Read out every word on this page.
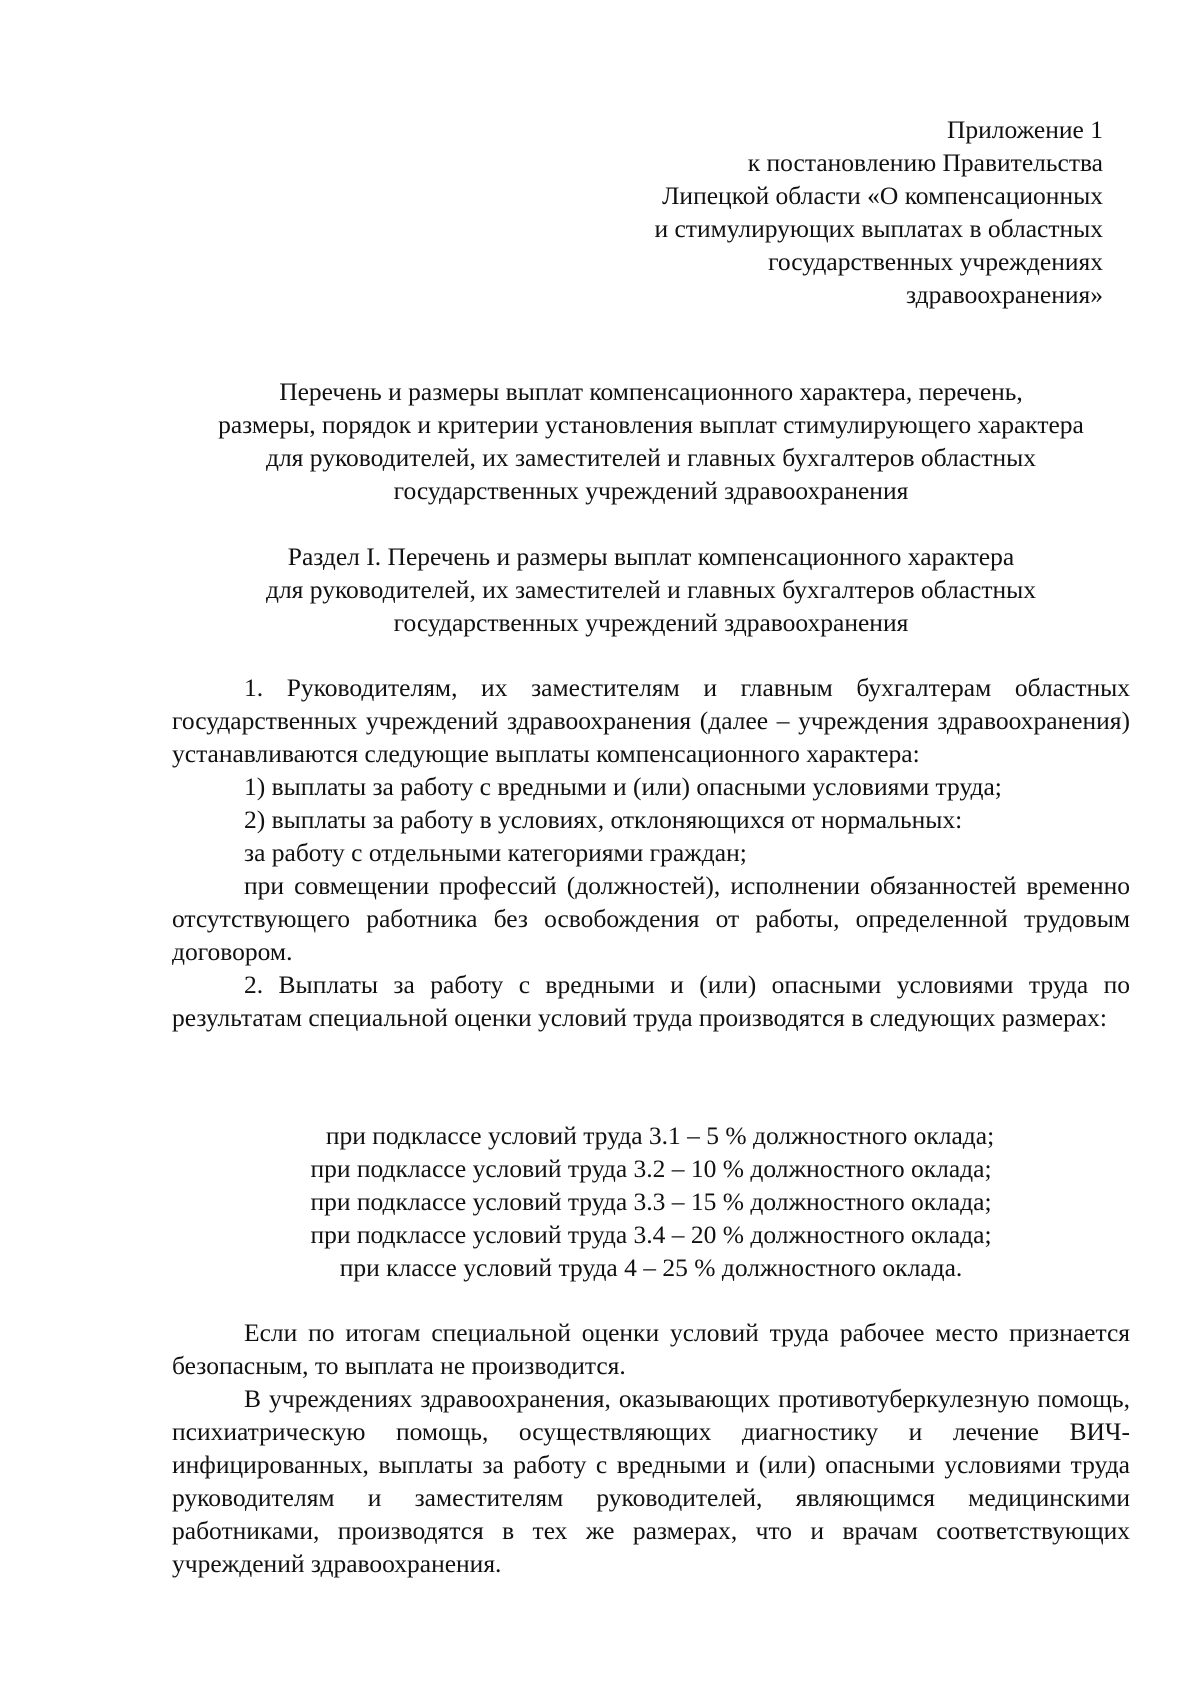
Приложение 1
к постановлению Правительства
Липецкой области «О компенсационных
и стимулирующих выплатах в областных
государственных учреждениях
здравоохранения»
Перечень и размеры выплат компенсационного характера, перечень,
размеры, порядок и критерии установления выплат стимулирующего характера
для руководителей, их заместителей и главных бухгалтеров областных
государственных учреждений здравоохранения
Раздел I. Перечень и размеры выплат компенсационного характера
для руководителей, их заместителей и главных бухгалтеров областных
государственных учреждений здравоохранения

1. Руководителям, их заместителям и главным бухгалтерам областных государственных учреждений здравоохранения (далее – учреждения здравоохранения) устанавливаются следующие выплаты компенсационного характера:

1) выплаты за работу с вредными и (или) опасными условиями труда;

2) выплаты за работу в условиях, отклоняющихся от нормальных:

за работу с отдельными категориями граждан;

при совмещении профессий (должностей), исполнении обязанностей временно отсутствующего работника без освобождения от работы, определенной трудовым договором.

2. Выплаты за работу с вредными и (или) опасными условиями труда по результатам специальной оценки условий труда производятся в следующих размерах:

при подклассе условий труда 3.1 – 5 % должностного оклада;
при подклассе условий труда 3.2 – 10 % должностного оклада;
при подклассе условий труда 3.3 – 15 % должностного оклада;
при подклассе условий труда 3.4 – 20 % должностного оклада;
при классе условий труда 4 – 25 % должностного оклада.

Если по итогам специальной оценки условий труда рабочее место признается безопасным, то выплата не производится.

В учреждениях здравоохранения, оказывающих противотуберкулезную помощь, психиатрическую помощь, осуществляющих диагностику и лечение ВИЧ-инфицированных, выплаты за работу с вредными и (или) опасными условиями труда руководителям и заместителям руководителей, являющимся медицинскими работниками, производятся в тех же размерах, что и врачам соответствующих учреждений здравоохранения.
